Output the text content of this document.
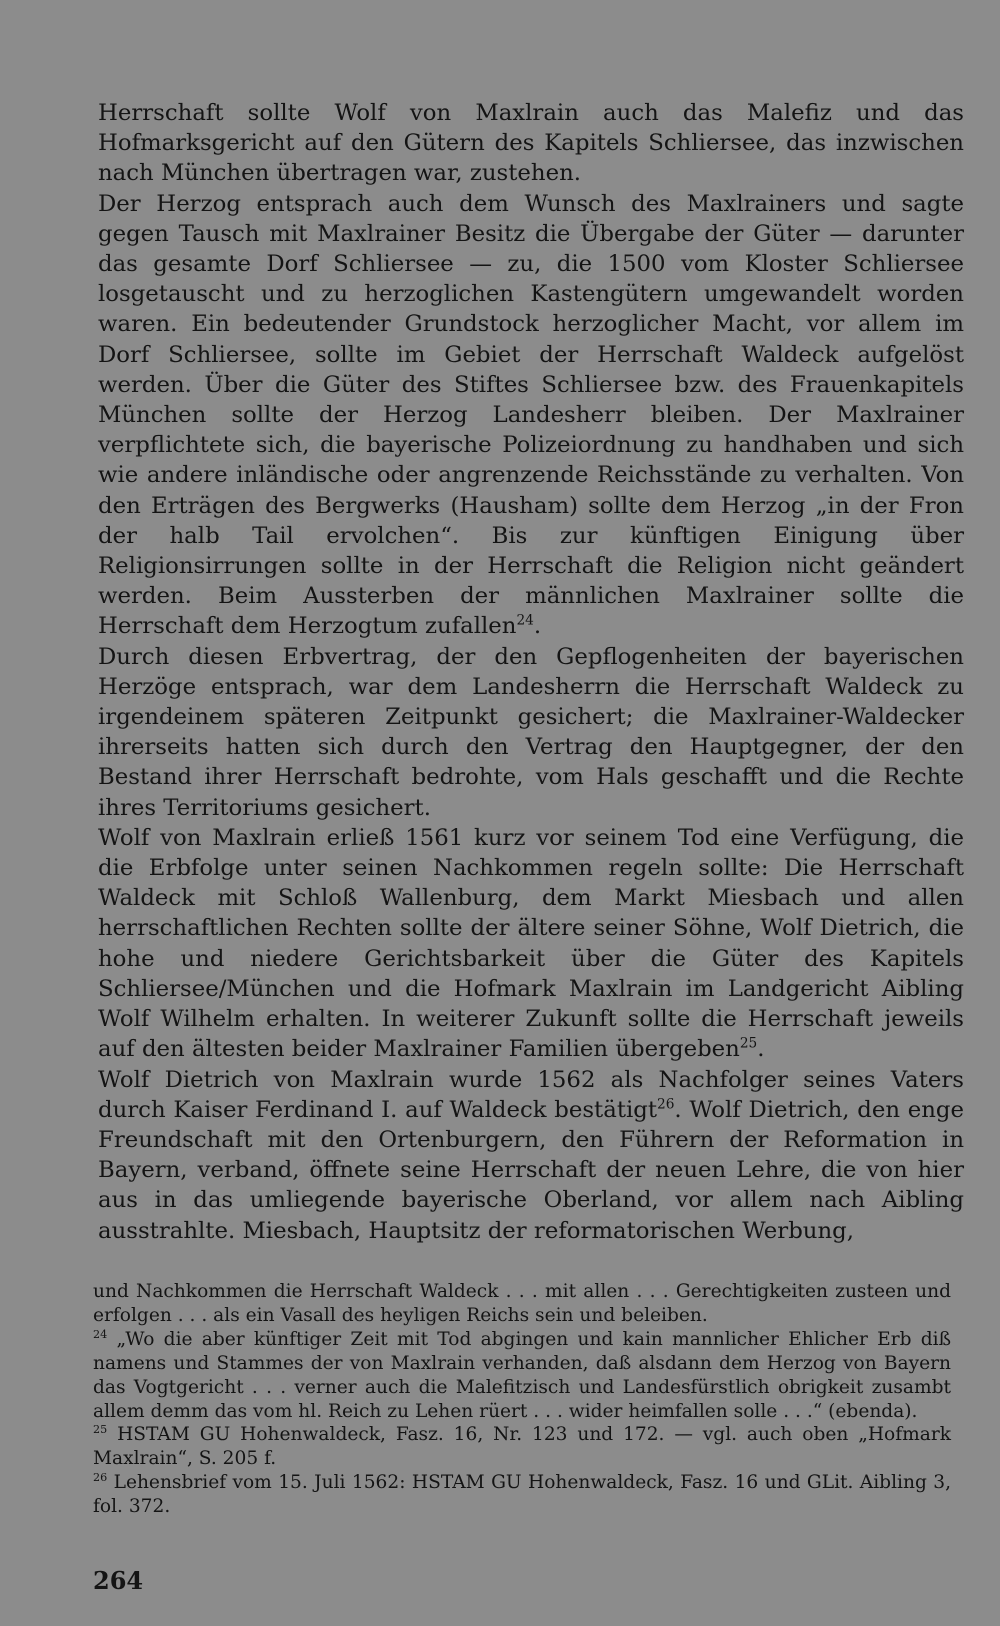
Herrschaft sollte Wolf von Maxlrain auch das Malefiz und das Hofmarksgericht auf den Gütern des Kapitels Schliersee, das inzwischen nach München übertragen war, zustehen.

Der Herzog entsprach auch dem Wunsch des Maxlrainers und sagte gegen Tausch mit Maxlrainer Besitz die Übergabe der Güter — darunter das gesamte Dorf Schliersee — zu, die 1500 vom Kloster Schliersee losgetauscht und zu herzoglichen Kastengütern umgewandelt worden waren. Ein bedeutender Grundstock herzoglicher Macht, vor allem im Dorf Schliersee, sollte im Gebiet der Herrschaft Waldeck aufgelöst werden. Über die Güter des Stiftes Schliersee bzw. des Frauenkapitels München sollte der Herzog Landesherr bleiben. Der Maxlrainer verpflichtete sich, die bayerische Polizeiordnung zu handhaben und sich wie andere inländische oder angrenzende Reichsstände zu verhalten. Von den Erträgen des Bergwerks (Hausham) sollte dem Herzog „in der Fron der halb Tail ervolchen“. Bis zur künftigen Einigung über Religionsirrungen sollte in der Herrschaft die Religion nicht geändert werden. Beim Aussterben der männlichen Maxlrainer sollte die Herrschaft dem Herzogtum zufallen$^{24}$.

Durch diesen Erbvertrag, der den Gepflogenheiten der bayerischen Herzöge entsprach, war dem Landesherrn die Herrschaft Waldeck zu irgendeinem späteren Zeitpunkt gesichert; die Maxlrainer-Waldecker ihrerseits hatten sich durch den Vertrag den Hauptgegner, der den Bestand ihrer Herrschaft bedrohte, vom Hals geschafft und die Rechte ihres Territoriums gesichert.

Wolf von Maxlrain erließ 1561 kurz vor seinem Tod eine Verfügung, die die Erbfolge unter seinen Nachkommen regeln sollte: Die Herrschaft Waldeck mit Schloß Wallenburg, dem Markt Miesbach und allen herrschaftlichen Rechten sollte der ältere seiner Söhne, Wolf Dietrich, die hohe und niedere Gerichtsbarkeit über die Güter des Kapitels Schliersee/München und die Hofmark Maxlrain im Landgericht Aibling Wolf Wilhelm erhalten. In weiterer Zukunft sollte die Herrschaft jeweils auf den ältesten beider Maxlrainer Familien übergeben$^{25}$.

Wolf Dietrich von Maxlrain wurde 1562 als Nachfolger seines Vaters durch Kaiser Ferdinand I. auf Waldeck bestätigt$^{26}$. Wolf Dietrich, den enge Freundschaft mit den Ortenburgern, den Führern der Reformation in Bayern, verband, öffnete seine Herrschaft der neuen Lehre, die von hier aus in das umliegende bayerische Oberland, vor allem nach Aibling ausstrahlte. Miesbach, Hauptsitz der reformatorischen Werbung,

und Nachkommen die Herrschaft Waldeck . . . mit allen . . . Gerechtigkeiten zusteen und erfolgen . . . als ein Vasall des heyligen Reichs sein und beleiben.

$^{24}$ „Wo die aber künftiger Zeit mit Tod abgingen und kain mannlicher Ehlicher Erb diß namens und Stammes der von Maxlrain verhanden, daß alsdann dem Herzog von Bayern das Vogtgericht . . . verner auch die Malefitzisch und Landesfürstlich obrigkeit zusambt allem demm das vom hl. Reich zu Lehen rüert . . . wider heimfallen solle . . .“ (ebenda).

$^{25}$ HSTAM GU Hohenwaldeck, Fasz. 16, Nr. 123 und 172. — vgl. auch oben „Hofmark Maxlrain“, S. 205 f.

$^{26}$ Lehensbrief vom 15. Juli 1562: HSTAM GU Hohenwaldeck, Fasz. 16 und GLit. Aibling 3, fol. 372.

264
